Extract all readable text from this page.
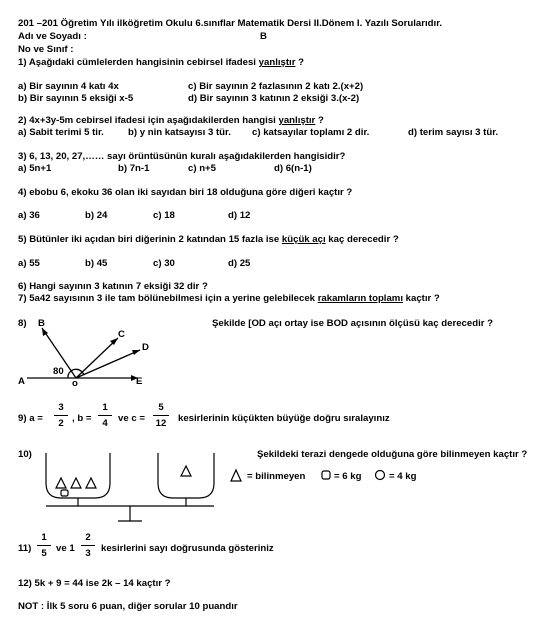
201 –201 Öğretim Yılı ilköğretim Okulu 6.sınıflar Matematik Dersi II.Dönem I. Yazılı Sorularıdır.
Adı ve Soyadı :	B
No ve Sınıf :
1) Aşağıdaki cümlelerden hangisinin cebirsel ifadesi yanlıştır ?
a) Bir sayının 4 katı 4x	c) Bir sayının 2 fazlasının 2 katı 2.(x+2)
b) Bir sayının 5 eksiği x-5	d) Bir sayının 3 katının 2 eksiği 3.(x-2)
2) 4x+3y-5m cebirsel ifadesi için aşağıdakilerden hangisi yanlıştır ?
a) Sabit terimi 5 tir.	b) y nin katsayısı 3 tür. c) katsayılar toplamı 2 dir.	d) terim sayısı 3 tür.
3) 6, 13, 20, 27,…… sayı örüntüsünün kuralı aşağıdakilerden hangisidir?
a) 5n+1	b) 7n-1	c) n+5	d) 6(n-1)
4) ebobu 6, ekoku 36 olan iki sayıdan biri 18 olduğuna göre diğeri kaçtır ?
a) 36	b) 24	c) 18	d) 12
5) Bütünler iki açıdan biri diğerinin 2 katından 15 fazla ise küçük açı kaç derecedir ?
a) 55	b) 45	c) 30	d) 25
6) Hangi sayının 3 katının 7 eksiği 32 dir ?
7) 5a42 sayısının 3 ile tam bölünebilmesi için a yerine gelebilecek rakamların toplamı kaçtır ?
8)	Şekilde [OD açı ortay ise BOD açısının ölçüsü kaç derecedir ?
B
C
D
A	E
o
80
9) a =
3
2 , b =
1
4	ve c =
5
12 kesirlerinin küçükten büyüğe doğru sıralayınız
10)	Şekildeki terazi dengede olduğuna göre bilinmeyen kaçtır ?
= bilinmeyen	= 6 kg	= 4 kg
11)
1
5 ve 1
2
3	kesirlerini sayı doğrusunda gösteriniz
12) 5k + 9 = 44 ise 2k – 14 kaçtır ?
NOT : İlk 5 soru 6 puan, diğer sorular 10 puandır
